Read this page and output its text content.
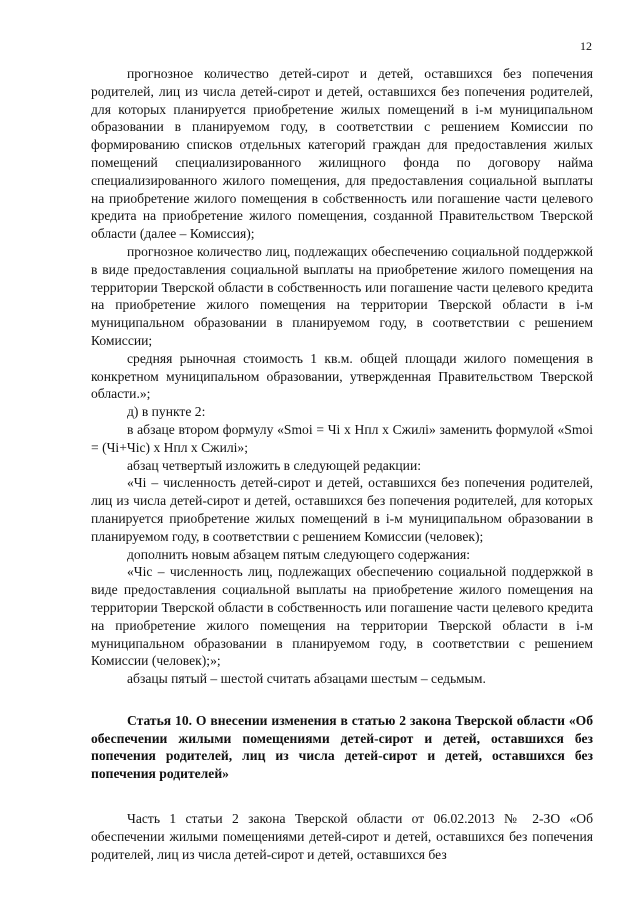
12

прогнозное количество детей-сирот и детей, оставшихся без попечения родителей, лиц из числа детей-сирот и детей, оставшихся без попечения родителей, для которых планируется приобретение жилых помещений в i-м муниципальном образовании в планируемом году, в соответствии с решением Комиссии по формированию списков отдельных категорий граждан для предоставления жилых помещений специализированного жилищного фонда по договору найма специализированного жилого помещения, для предоставления социальной выплаты на приобретение жилого помещения в собственность или погашение части целевого кредита на приобретение жилого помещения, созданной Правительством Тверской области (далее – Комиссия);

прогнозное количество лиц, подлежащих обеспечению социальной поддержкой в виде предоставления социальной выплаты на приобретение жилого помещения на территории Тверской области в собственность или погашение части целевого кредита на приобретение жилого помещения на территории Тверской области в i-м муниципальном образовании в планируемом году, в соответствии с решением Комиссии;

средняя рыночная стоимость 1 кв.м. общей площади жилого помещения в конкретном муниципальном образовании, утвержденная Правительством Тверской области.»;

д) в пункте 2:

в абзаце втором формулу «Smoi = Чi х Нпл х Сжилi» заменить формулой «Smoi = (Чi+Чic) х Нпл х Сжилi»;

абзац четвертый изложить в следующей редакции:

«Чi – численность детей-сирот и детей, оставшихся без попечения родителей, лиц из числа детей-сирот и детей, оставшихся без попечения родителей, для которых планируется приобретение жилых помещений в i-м муниципальном образовании в планируемом году, в соответствии с решением Комиссии (человек);

дополнить новым абзацем пятым следующего содержания:

«Чic – численность лиц, подлежащих обеспечению социальной поддержкой в виде предоставления социальной выплаты на приобретение жилого помещения на территории Тверской области в собственность или погашение части целевого кредита на приобретение жилого помещения на территории Тверской области в i-м муниципальном образовании в планируемом году, в соответствии с решением Комиссии (человек);»;

абзацы пятый – шестой считать абзацами шестым – седьмым.

Статья 10. О внесении изменения в статью 2 закона Тверской области «Об обеспечении жилыми помещениями детей-сирот и детей, оставшихся без попечения родителей, лиц из числа детей-сирот и детей, оставшихся без попечения родителей»

Часть 1 статьи 2 закона Тверской области от 06.02.2013 № 2-ЗО «Об обеспечении жилыми помещениями детей-сирот и детей, оставшихся без попечения родителей, лиц из числа детей-сирот и детей, оставшихся без
